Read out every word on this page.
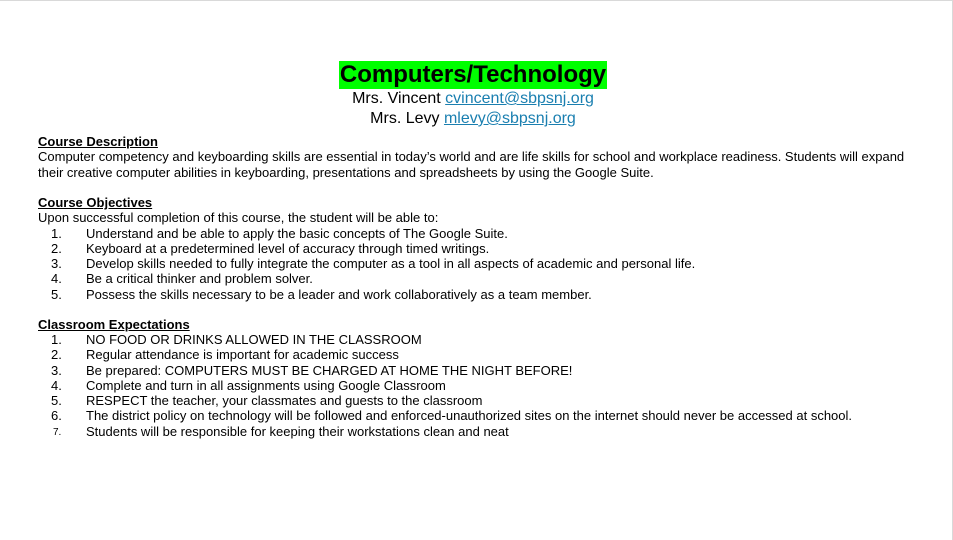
Computers/Technology

Mrs. Vincent cvincent@sbpsnj.org

Mrs. Levy mlevy@sbpsnj.org

Course Description

Computer competency and keyboarding skills are essential in today’s world and are life skills for school and workplace readiness. Students will expand their creative computer abilities in keyboarding, presentations and spreadsheets by using the Google Suite.

Course Objectives

Upon successful completion of this course, the student will be able to:

1.	Understand and be able to apply the basic concepts of The Google Suite.
2.	Keyboard at a predetermined level of accuracy through timed writings.
3.	Develop skills needed to fully integrate the computer as a tool in all aspects of academic and personal life.
4.	Be a critical thinker and problem solver.
5.	Possess the skills necessary to be a leader and work collaboratively as a team member.

Classroom Expectations

1.	NO FOOD OR DRINKS ALLOWED IN THE CLASSROOM
2.	Regular attendance is important for academic success
3.	Be prepared: COMPUTERS MUST BE CHARGED AT HOME THE NIGHT BEFORE!
4.	Complete and turn in all assignments using Google Classroom
5.	RESPECT the teacher, your classmates and guests to the classroom
6.	The district policy on technology will be followed and enforced-unauthorized sites on the internet should never be accessed at school.
7.	Students will be responsible for keeping their workstations clean and neat
